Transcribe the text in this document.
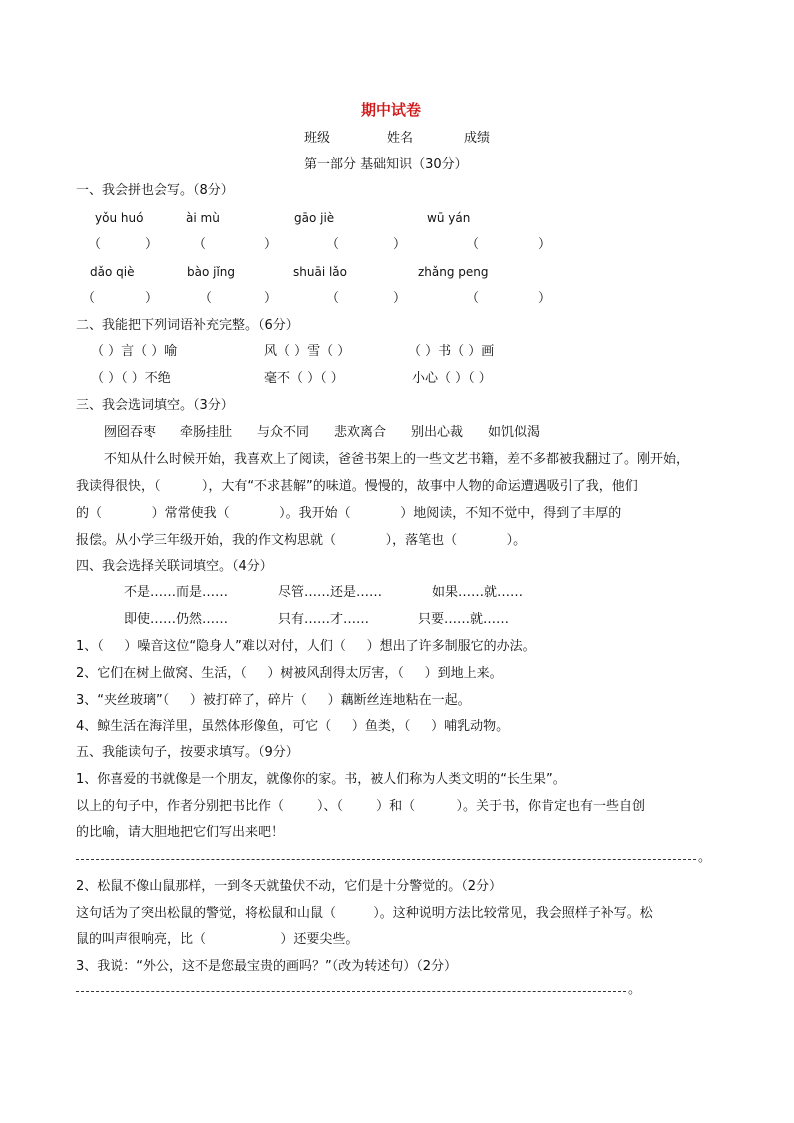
期中试卷
班级	姓名	成绩
第一部分 基础知识（30分）
一、我会拼也会写。（8分）
yǒu huó	ài mù	gāo jiè	wū yán
（	）	（	）	（	）	（	）
dǎo qiè	bào jǐng	shuāi lǎo	zhǎng peng
（	）	（	）	（	）	（	）
二、我能把下列词语补充完整。（6分）
（ ）言（ ）喻	风（ ）雪（ ）	（ ）书（ ）画
（ ）（ ）不绝	毫不（ ）（ ）	小心（ ）（ ）
三、我会选词填空。（3分）
囫囵吞枣 牵肠挂肚 与众不同 悲欢离合 别出心裁 如饥似渴
不知从什么时候开始，我喜欢上了阅读，爸爸书架上的一些文艺书籍，差不多都被我翻过了。刚开始，
我读得很快，（          ），大有“不求甚解”的味道。慢慢的，故事中人物的命运遭遇吸引了我，他们
的（            ）常常使我（            ）。我开始（            ）地阅读，不知不觉中，得到了丰厚的
报偿。从小学三年级开始，我的作文构思就（            ），落笔也（            ）。
四、我会选择关联词填空。（4分）
不是……而是……	尽管……还是……	如果……就……
即使……仍然……	只有……才……	只要……就……
1、（     ）噪音这位“隐身人”难以对付，人们（     ）想出了许多制服它的办法。
2、它们在树上做窝、生活，（     ）树被风刮得太厉害，（     ）到地上来。
3、“夹丝玻璃”（     ）被打碎了，碎片（     ）藕断丝连地粘在一起。
4、鲸生活在海洋里，虽然体形像鱼，可它（     ）鱼类，（     ）哺乳动物。
五、我能读句子，按要求填写。（9分）
1、你喜爱的书就像是一个朋友，就像你的家。书，被人们称为人类文明的“长生果”。
以上的句子中，作者分别把书比作（        ）、（        ）和（          ）。关于书，你肯定也有一些自创
的比喻，请大胆地把它们写出来吧！
。
2、松鼠不像山鼠那样，一到冬天就蛰伏不动，它们是十分警觉的。（2分）
这句话为了突出松鼠的警觉，将松鼠和山鼠（         ）。这种说明方法比较常见，我会照样子补写。松
鼠的叫声很响亮，比（                  ）还要尖些。
3、我说：“外公，这不是您最宝贵的画吗？”（改为转述句）（2分）
。
